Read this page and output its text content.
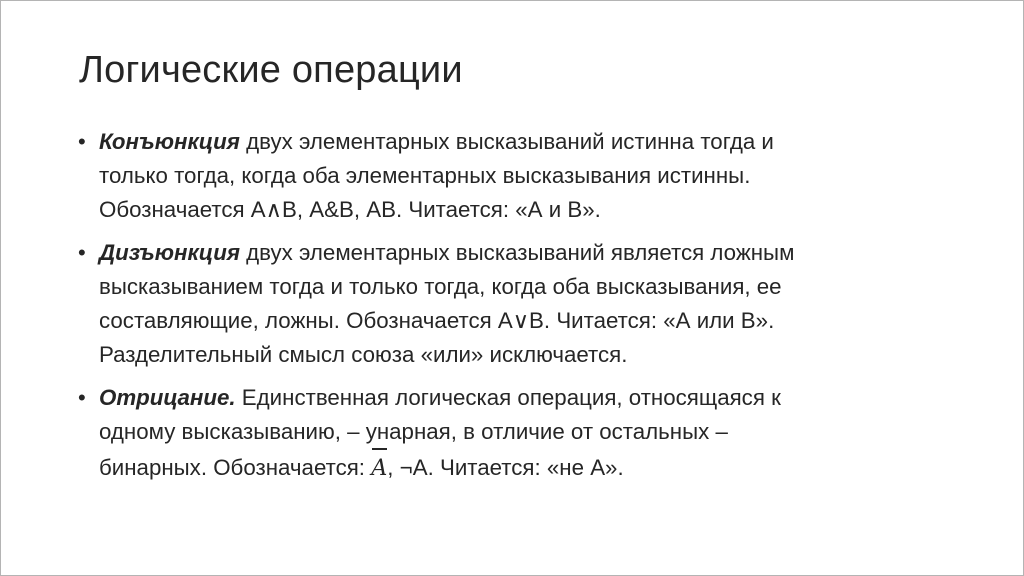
Логические операции
• Конъюнкция двух элементарных высказываний истинна тогда и
только тогда, когда оба элементарных высказывания истинны.
Обозначается А∧В, А&В, АВ. Читается: «А и В».
• Дизъюнкция двух элементарных высказываний является ложным
высказыванием тогда и только тогда, когда оба высказывания, ее
составляющие, ложны. Обозначается А∨В. Читается: «А или В».
Разделительный смысл союза «или» исключается.
• Отрицание. Единственная логическая операция, относящаяся к
одному высказыванию, – унарная, в отличие от остальных –
бинарных. Обозначается:
A, ¬А. Читается: «не А».
